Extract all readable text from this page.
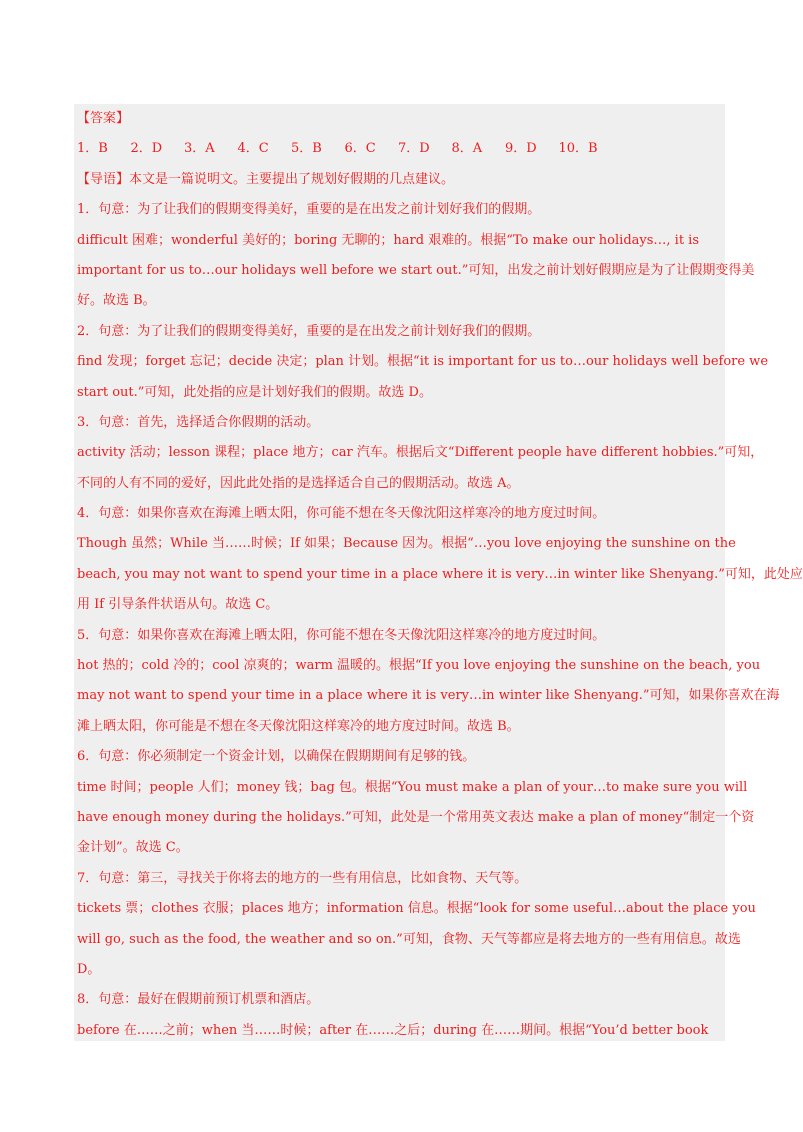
【答案】
1．B	2．D	3．A	4．C	5．B	6．C	7．D	8．A	9．D	10．B
【导语】本文是一篇说明文。主要提出了规划好假期的几点建议。
1．句意：为了让我们的假期变得美好，重要的是在出发之前计划好我们的假期。
difficult 困难；wonderful 美好的；boring 无聊的；hard 艰难的。根据“To make our holidays…, it is
important for us to…our holidays well before we start out.”可知，出发之前计划好假期应是为了让假期变得美
好。故选 B。
2．句意：为了让我们的假期变得美好，重要的是在出发之前计划好我们的假期。
find 发现；forget 忘记；decide 决定；plan 计划。根据“it is important for us to…our holidays well before we
start out.”可知，此处指的应是计划好我们的假期。故选 D。
3．句意：首先，选择适合你假期的活动。
activity 活动；lesson 课程；place 地方；car 汽车。根据后文“Different people have different hobbies.”可知，
不同的人有不同的爱好，因此此处指的是选择适合自己的假期活动。故选 A。
4．句意：如果你喜欢在海滩上晒太阳，你可能不想在冬天像沈阳这样寒冷的地方度过时间。
Though 虽然；While 当……时候；If 如果；Because 因为。根据“…you love enjoying the sunshine on the
beach, you may not want to spend your time in a place where it is very…in winter like Shenyang.”可知，此处应
用 If 引导条件状语从句。故选 C。
5．句意：如果你喜欢在海滩上晒太阳，你可能不想在冬天像沈阳这样寒冷的地方度过时间。
hot 热的；cold 冷的；cool 凉爽的；warm 温暖的。根据“If you love enjoying the sunshine on the beach, you
may not want to spend your time in a place where it is very…in winter like Shenyang.”可知，如果你喜欢在海
滩上晒太阳，你可能是不想在冬天像沈阳这样寒冷的地方度过时间。故选 B。
6．句意：你必须制定一个资金计划，以确保在假期期间有足够的钱。
time 时间；people 人们；money 钱；bag 包。根据“You must make a plan of your…to make sure you will
have enough money during the holidays.”可知，此处是一个常用英文表达 make a plan of money“制定一个资
金计划”。故选 C。
7．句意：第三，寻找关于你将去的地方的一些有用信息，比如食物、天气等。
tickets 票；clothes 衣服；places 地方；information 信息。根据“look for some useful…about the place you
will go, such as the food, the weather and so on.”可知，食物、天气等都应是将去地方的一些有用信息。故选
D。
8．句意：最好在假期前预订机票和酒店。
before 在……之前；when 当……时候；after 在……之后；during 在……期间。根据“You’d better book
